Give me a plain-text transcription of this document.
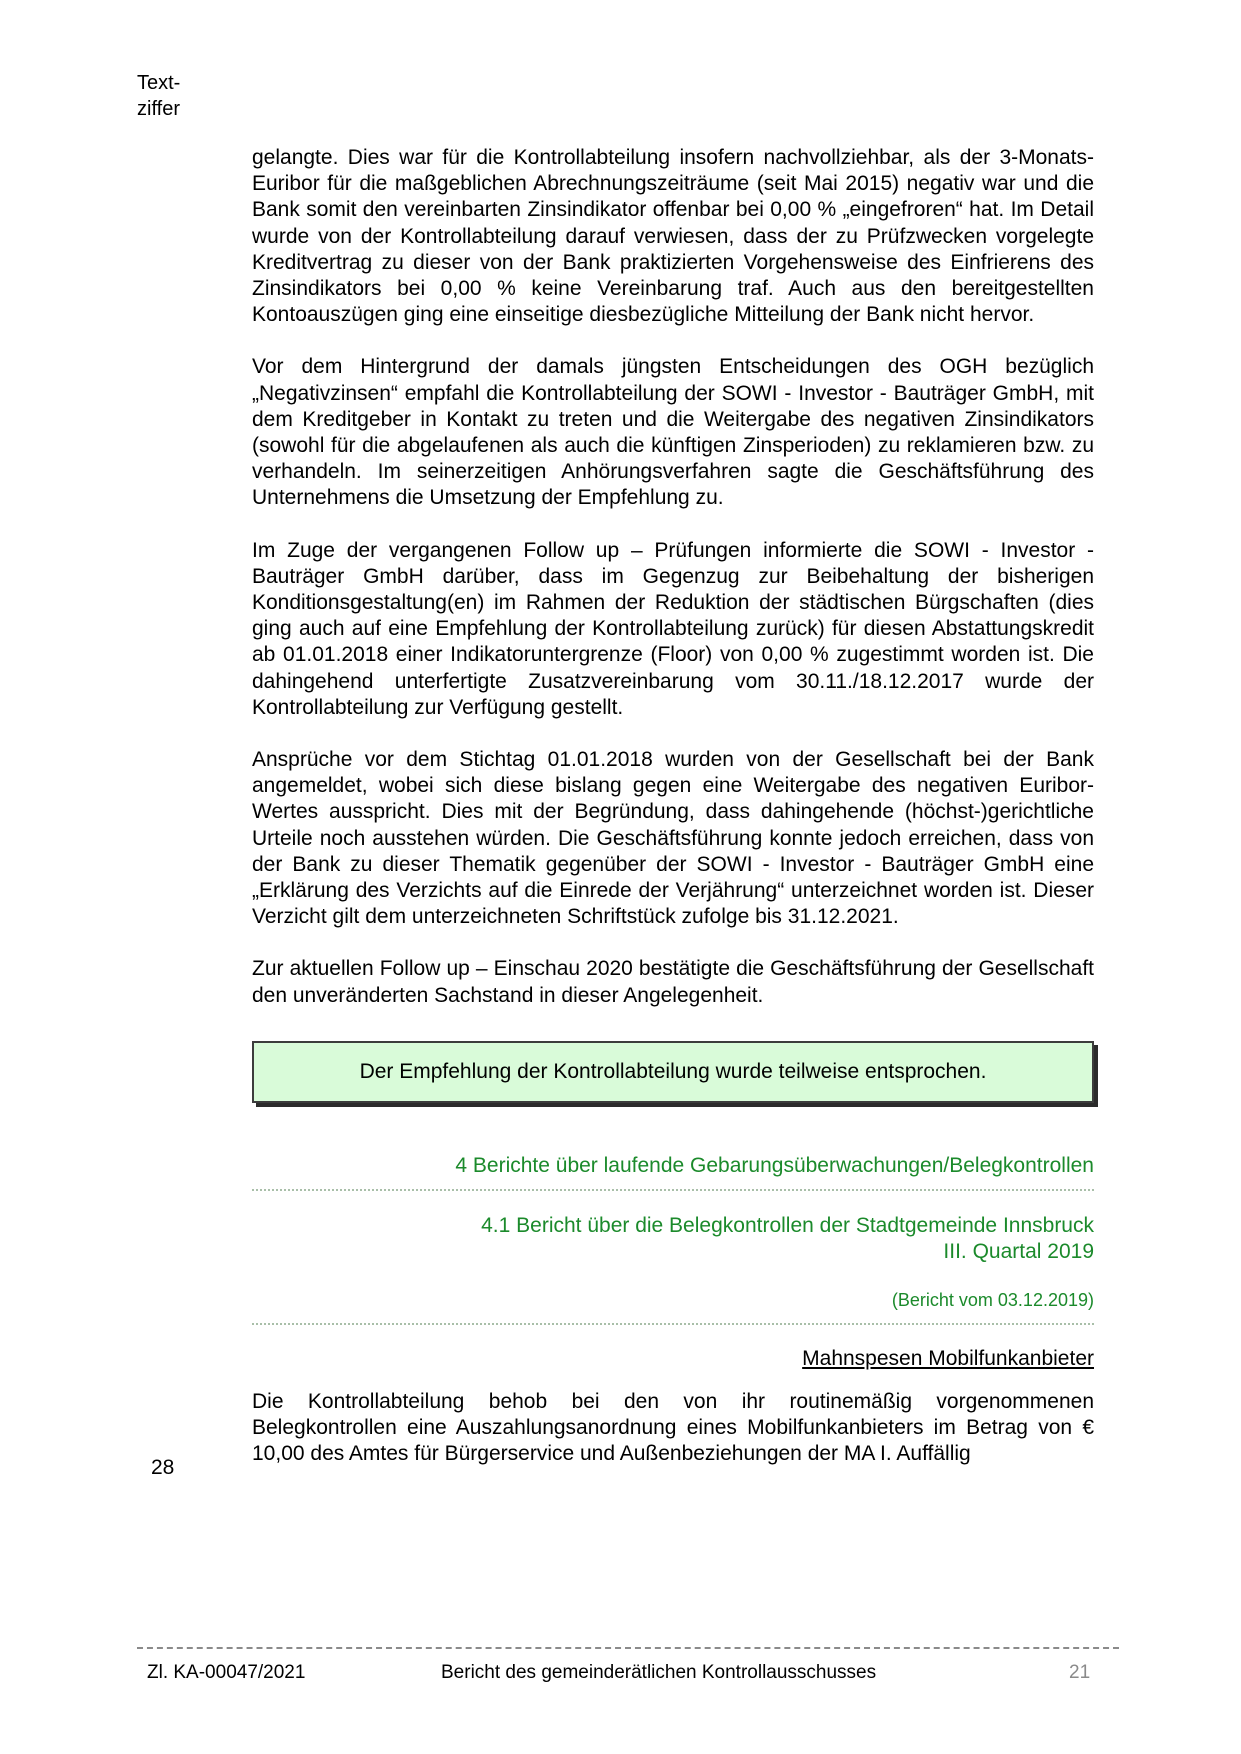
Text-
ziffer

gelangte. Dies war für die Kontrollabteilung insofern nachvollziehbar, als der 3-Monats-Euribor für die maßgeblichen Abrechnungszeiträume (seit Mai 2015) negativ war und die Bank somit den vereinbarten Zinsindikator offenbar bei 0,00 % „eingefroren“ hat. Im Detail wurde von der Kontrollabteilung darauf verwiesen, dass der zu Prüfzwecken vorgelegte Kreditvertrag zu dieser von der Bank praktizierten Vorgehensweise des Einfrierens des Zinsindikators bei 0,00 % keine Vereinbarung traf. Auch aus den bereitgestellten Kontoauszügen ging eine einseitige diesbezügliche Mitteilung der Bank nicht hervor.

Vor dem Hintergrund der damals jüngsten Entscheidungen des OGH bezüglich „Negativzinsen“ empfahl die Kontrollabteilung der SOWI - Investor - Bauträger GmbH, mit dem Kreditgeber in Kontakt zu treten und die Weitergabe des negativen Zinsindikators (sowohl für die abgelaufenen als auch die künftigen Zinsperioden) zu reklamieren bzw. zu verhandeln. Im seinerzeitigen Anhörungsverfahren sagte die Geschäftsführung des Unternehmens die Umsetzung der Empfehlung zu.

Im Zuge der vergangenen Follow up – Prüfungen informierte die SOWI - Investor - Bauträger GmbH darüber, dass im Gegenzug zur Beibehaltung der bisherigen Konditionsgestaltung(en) im Rahmen der Reduktion der städtischen Bürgschaften (dies ging auch auf eine Empfehlung der Kontrollabteilung zurück) für diesen Abstattungskredit ab 01.01.2018 einer Indikatoruntergrenze (Floor) von 0,00 % zugestimmt worden ist. Die dahingehend unterfertigte Zusatzvereinbarung vom 30.11./18.12.2017 wurde der Kontrollabteilung zur Verfügung gestellt.

Ansprüche vor dem Stichtag 01.01.2018 wurden von der Gesellschaft bei der Bank angemeldet, wobei sich diese bislang gegen eine Weitergabe des negativen Euribor-Wertes ausspricht. Dies mit der Begründung, dass dahingehende (höchst-)gerichtliche Urteile noch ausstehen würden. Die Geschäftsführung konnte jedoch erreichen, dass von der Bank zu dieser Thematik gegenüber der SOWI - Investor - Bauträger GmbH eine „Erklärung des Verzichts auf die Einrede der Verjährung“ unterzeichnet worden ist. Dieser Verzicht gilt dem unterzeichneten Schriftstück zufolge bis 31.12.2021.

Zur aktuellen Follow up – Einschau 2020 bestätigte die Geschäftsführung der Gesellschaft den unveränderten Sachstand in dieser Angelegenheit.

Der Empfehlung der Kontrollabteilung wurde teilweise entsprochen.
4 Berichte über laufende Gebarungsüberwachungen/Belegkontrollen
4.1 Bericht über die Belegkontrollen der Stadtgemeinde Innsbruck
III. Quartal 2019
(Bericht vom 03.12.2019)
Mahnspesen Mobilfunkanbieter

Die Kontrollabteilung behob bei den von ihr routinemäßig vorgenommenen Belegkontrollen eine Auszahlungsanordnung eines Mobilfunkanbieters im Betrag von € 10,00 des Amtes für Bürgerservice und Außenbeziehungen der MA I. Auffällig

28
Zl. KA-00047/2021	Bericht des gemeinderätlichen Kontrollausschusses	21
